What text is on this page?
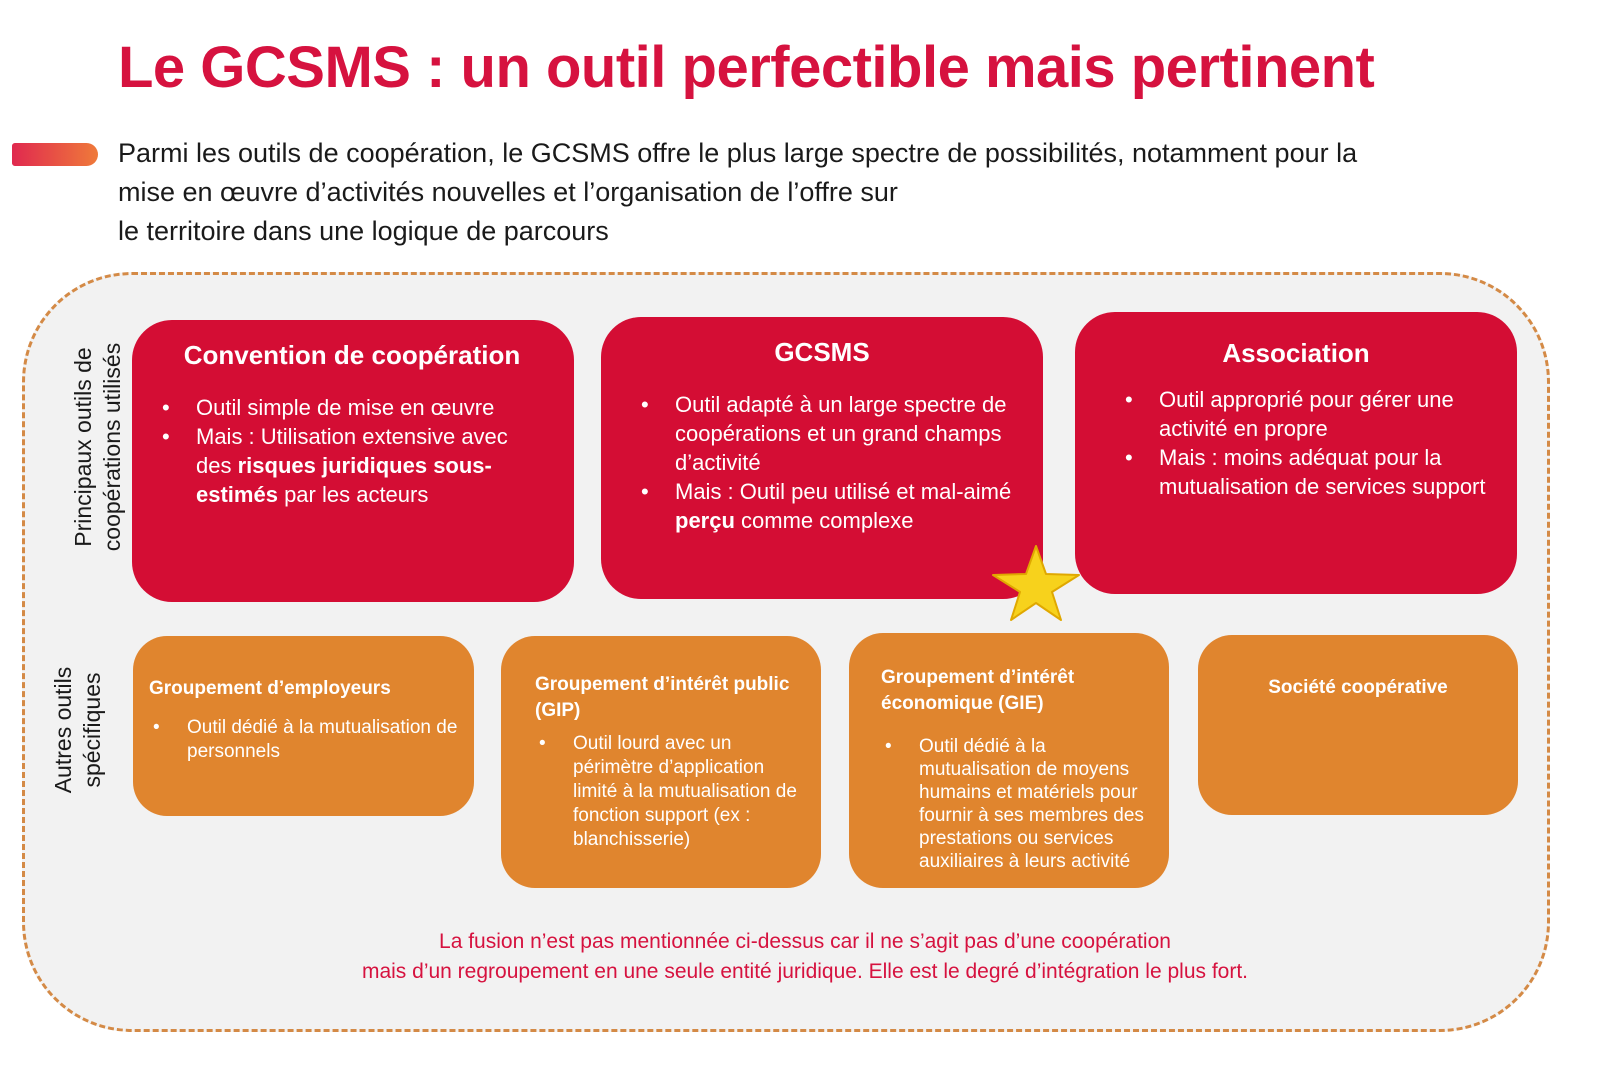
Le GCSMS : un outil perfectible mais pertinent
Parmi les outils de coopération, le GCSMS offre le plus large spectre de possibilités, notamment pour la
mise en œuvre d’activités nouvelles et l’organisation de l’offre sur
le territoire dans une logique de parcours
Principaux outils de coopérations utilisés
Autres outils spécifiques
Convention de coopération
• Outil simple de mise en œuvre
• Mais : Utilisation extensive avec des risques juridiques sous-estimés par les acteurs
GCSMS
• Outil adapté à un large spectre de coopérations et un grand champs d’activité
• Mais : Outil peu utilisé et mal-aimé perçu comme complexe
Association
• Outil approprié pour gérer une activité en propre
• Mais : moins adéquat pour la mutualisation de services support
Groupement d’employeurs
• Outil dédié à la mutualisation de personnels
Groupement d’intérêt public (GIP)
• Outil lourd avec un périmètre d’application limité à la mutualisation de fonction support (ex : blanchisserie)
Groupement d’intérêt économique (GIE)
• Outil dédié à la mutualisation de moyens humains et matériels pour fournir à ses membres des prestations ou services auxiliaires à leurs activité
Société coopérative
La fusion n’est pas mentionnée ci-dessus car il ne s’agit pas d’une coopération
mais d’un regroupement en une seule entité juridique. Elle est le degré d’intégration le plus fort.
